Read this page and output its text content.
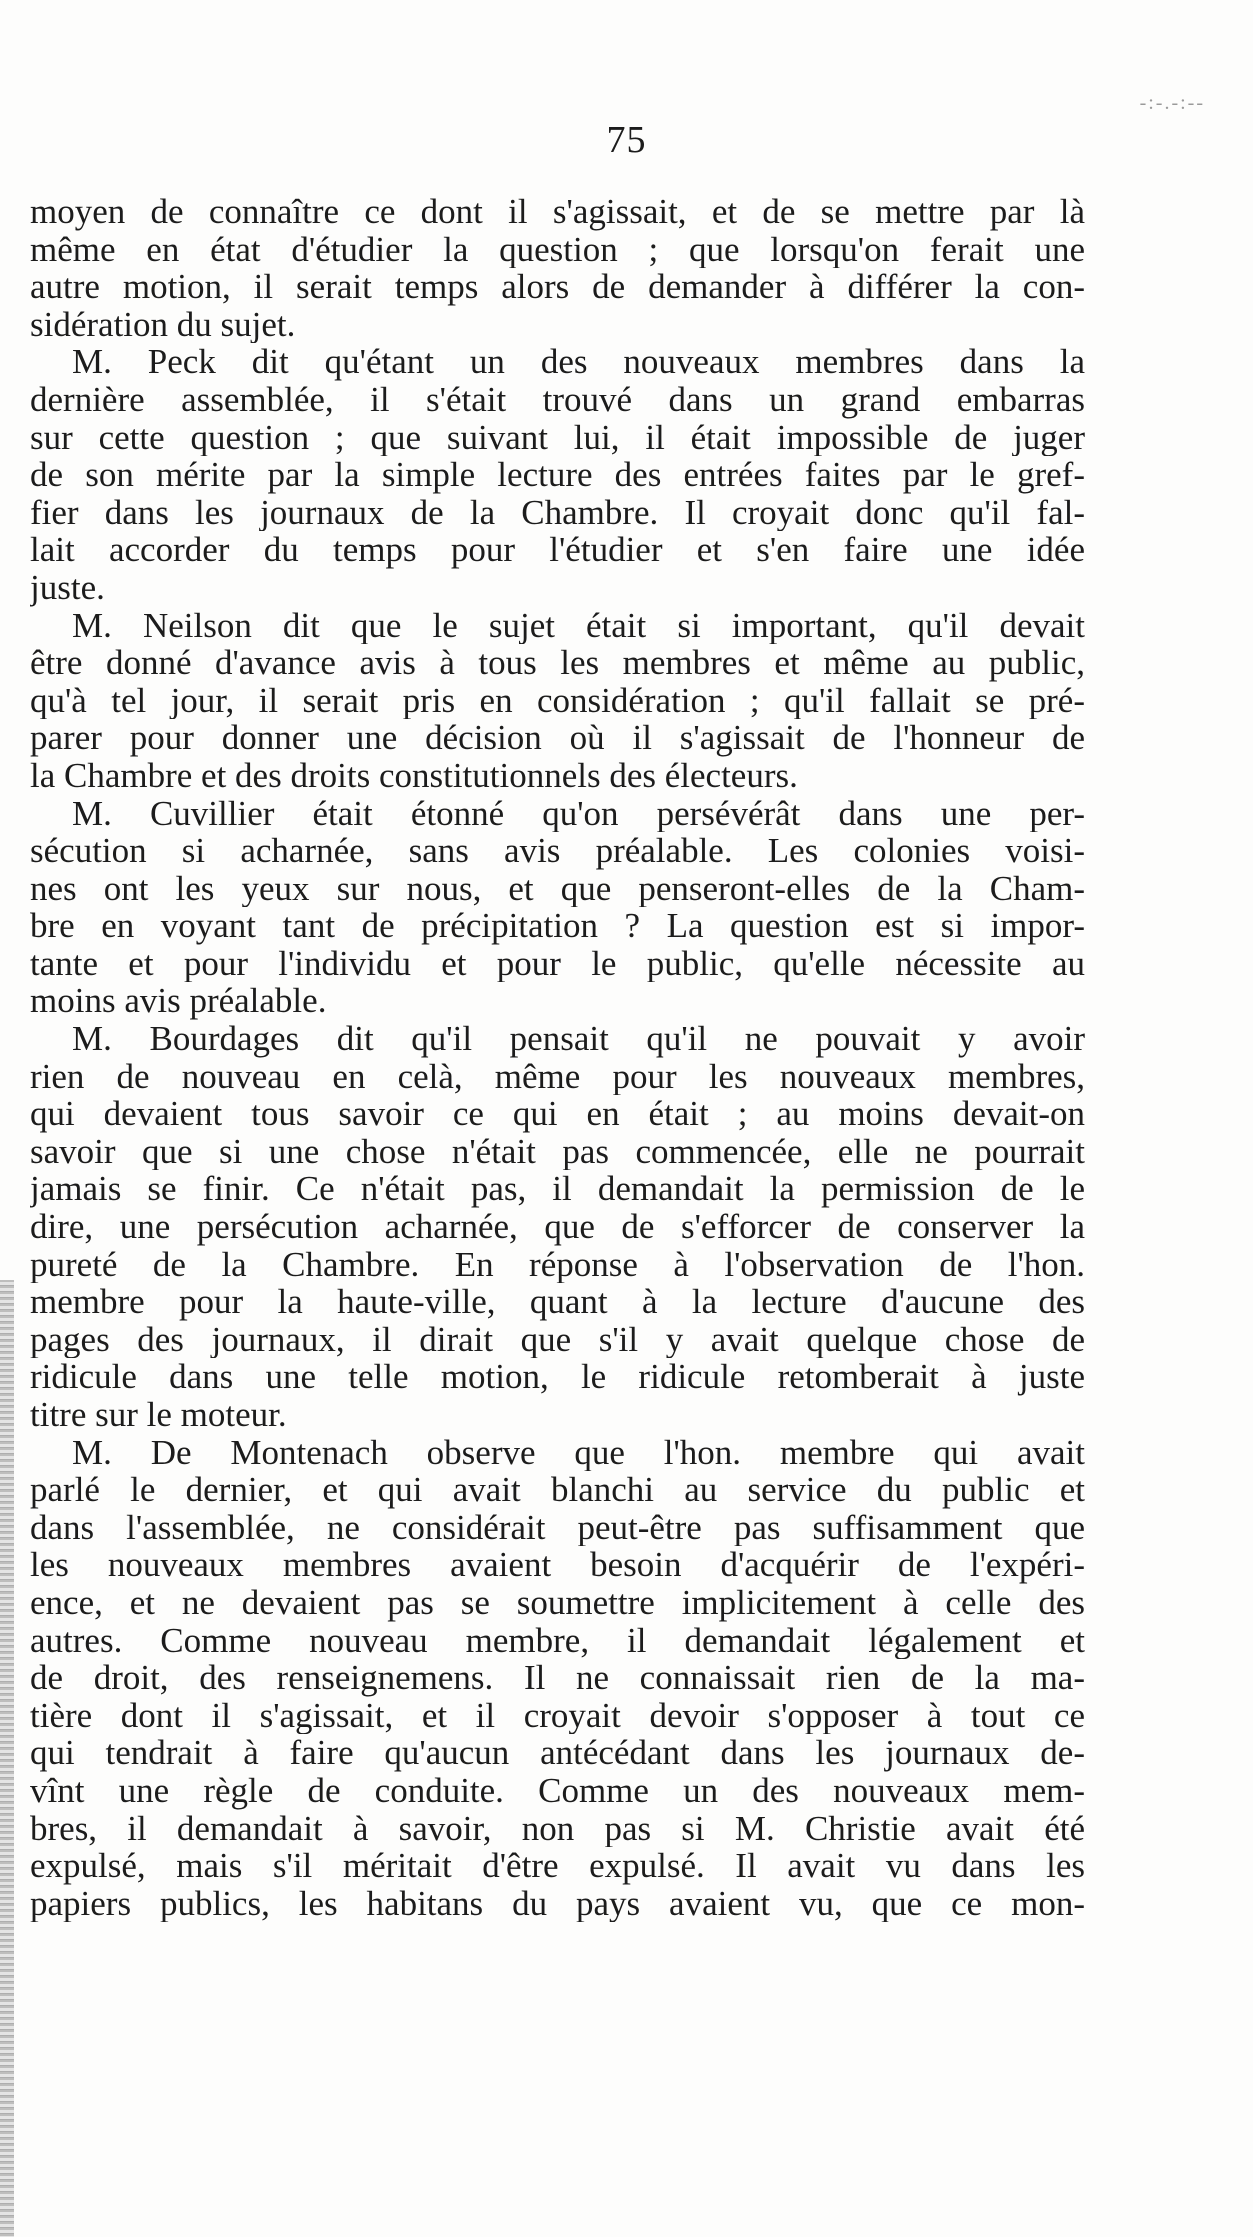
-:-.-:--
75
moyen de connaître ce dont il s'agissait, et de se mettre par là
même en état d'étudier la question ; que lorsqu'on ferait une
autre motion, il serait temps alors de demander à différer la con-
sidération du sujet.
M. Peck dit qu'étant un des nouveaux membres dans la
dernière assemblée, il s'était trouvé dans un grand embarras
sur cette question ; que suivant lui, il était impossible de juger
de son mérite par la simple lecture des entrées faites par le gref-
fier dans les journaux de la Chambre. Il croyait donc qu'il fal-
lait accorder du temps pour l'étudier et s'en faire une idée
juste.
M. Neilson dit que le sujet était si important, qu'il devait
être donné d'avance avis à tous les membres et même au public,
qu'à tel jour, il serait pris en considération ; qu'il fallait se pré-
parer pour donner une décision où il s'agissait de l'honneur de
la Chambre et des droits constitutionnels des électeurs.
M. Cuvillier était étonné qu'on persévérât dans une per-
sécution si acharnée, sans avis préalable. Les colonies voisi-
nes ont les yeux sur nous, et que penseront-elles de la Cham-
bre en voyant tant de précipitation ? La question est si impor-
tante et pour l'individu et pour le public, qu'elle nécessite au
moins avis préalable.
M. Bourdages dit qu'il pensait qu'il ne pouvait y avoir
rien de nouveau en celà, même pour les nouveaux membres,
qui devaient tous savoir ce qui en était ; au moins devait-on
savoir que si une chose n'était pas commencée, elle ne pourrait
jamais se finir. Ce n'était pas, il demandait la permission de le
dire, une persécution acharnée, que de s'efforcer de conserver la
pureté de la Chambre. En réponse à l'observation de l'hon.
membre pour la haute-ville, quant à la lecture d'aucune des
pages des journaux, il dirait que s'il y avait quelque chose de
ridicule dans une telle motion, le ridicule retomberait à juste
titre sur le moteur.
M. De Montenach observe que l'hon. membre qui avait
parlé le dernier, et qui avait blanchi au service du public et
dans l'assemblée, ne considérait peut-être pas suffisamment que
les nouveaux membres avaient besoin d'acquérir de l'expéri-
ence, et ne devaient pas se soumettre implicitement à celle des
autres. Comme nouveau membre, il demandait légalement et
de droit, des renseignemens. Il ne connaissait rien de la ma-
tière dont il s'agissait, et il croyait devoir s'opposer à tout ce
qui tendrait à faire qu'aucun antécédant dans les journaux de-
vînt une règle de conduite. Comme un des nouveaux mem-
bres, il demandait à savoir, non pas si M. Christie avait été
expulsé, mais s'il méritait d'être expulsé. Il avait vu dans les
papiers publics, les habitans du pays avaient vu, que ce mon-
